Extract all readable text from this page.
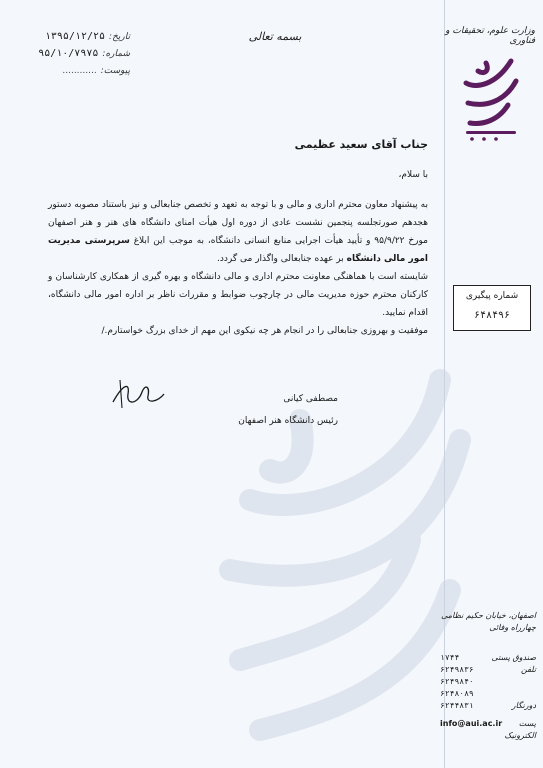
تاریخ:
۱۳۹۵/۱۲/۲۵
شماره:
۹۵/۱۰/۷۹۷۵
پیوست:
............
بسمه تعالی	وزارت علوم، تحقیقات و فناوری
جناب آقای سعید عظیمی
با سلام،
به پیشنهاد معاون محترم اداری و مالی و با توجه به تعهد و تخصص جنابعالی و نیز باستناد مصوبه دستور هجدهم صورتجلسه پنجمین نشست عادی از دوره اول هیأت امنای دانشگاه های هنر و هنر اصفهان مورخ ۹۵/۹/۲۲ و تأیید هیأت اجرایی منابع انسانی دانشگاه، به موجب این ابلاغ سرپرستی مدیریت امور مالی دانشگاه بر عهده جنابعالی واگذار می گردد.
شایسته است با هماهنگی معاونت محترم اداری و مالی دانشگاه و بهره گیری از همکاری کارشناسان و کارکنان محترم حوزه مدیریت مالی در چارچوب ضوابط و مقررات ناظر بر اداره امور مالی دانشگاه، اقدام نمایید.
موفقیت و بهروزی جنابعالی را در انجام هر چه نیکوی این مهم از خدای بزرگ خواستارم./
مصطفی کیانی
رئیس دانشگاه هنر اصفهان
شماره پیگیری
۶۴۸۴۹۶
اصفهان، خیابان حکیم نظامی
چهارراه وفائی
صندوق پستی
۱۷۴۴
تلفن
۶۲۴۹۸۳۶
۶۲۴۹۸۴۰
۶۲۴۸۰۸۹
دورنگار
۶۲۴۴۸۳۱
پست الکترونیک
info@aui.ac.ir
